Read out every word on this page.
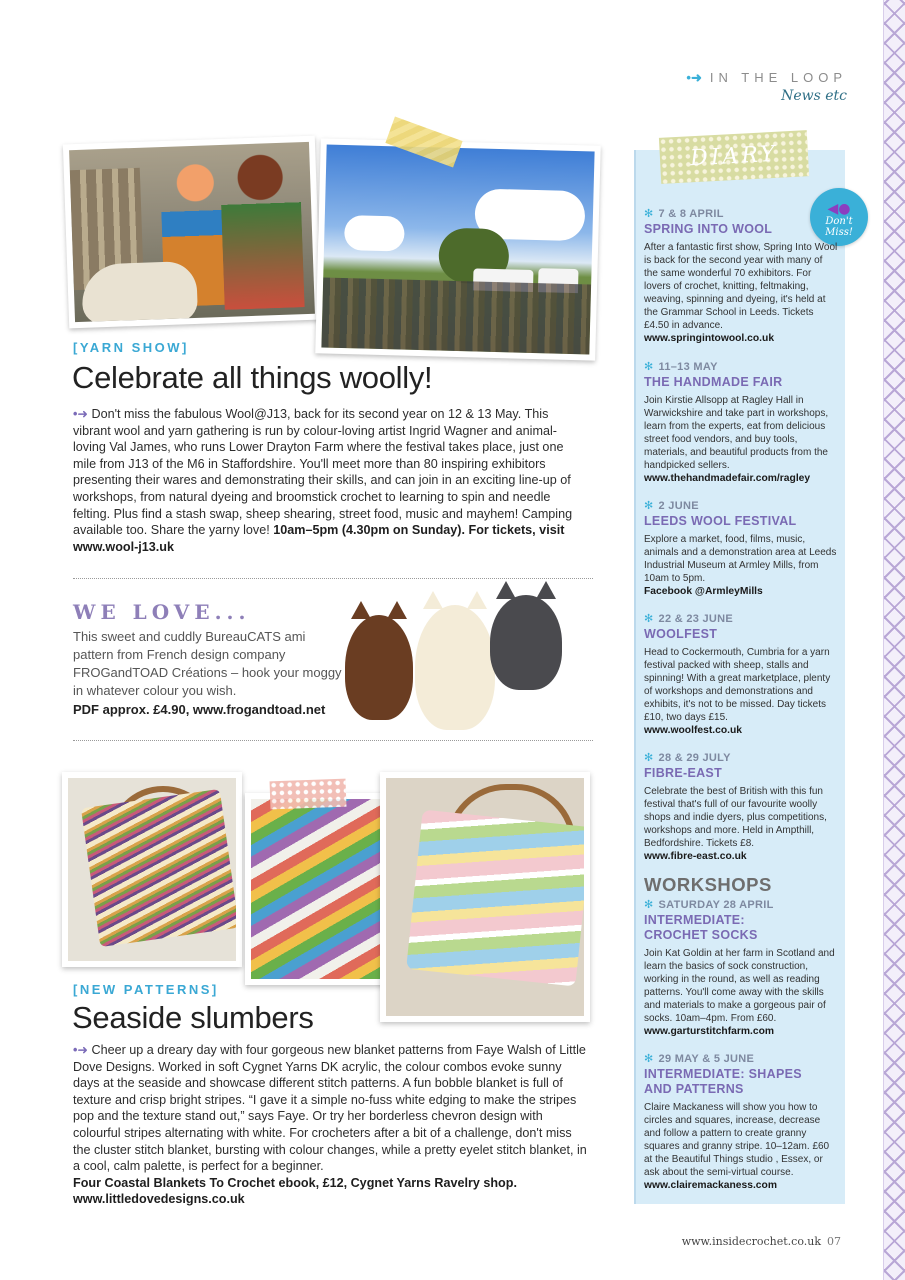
•➜ IN THE LOOP
News etc
[YARN SHOW]
Celebrate all things woolly!
•➜ Don't miss the fabulous Wool@J13, back for its second year on 12 & 13 May. This vibrant wool and yarn gathering is run by colour-loving artist Ingrid Wagner and animal-loving Val James, who runs Lower Drayton Farm where the festival takes place, just one mile from J13 of the M6 in Staffordshire. You'll meet more than 80 inspiring exhibitors presenting their wares and demonstrating their skills, and can join in an exciting line-up of workshops, from natural dyeing and broomstick crochet to learning to spin and needle felting. Plus find a stash swap, sheep shearing, street food, music and mayhem! Camping available too. Share the yarny love! 10am–5pm (4.30pm on Sunday). For tickets, visit www.wool-j13.uk
WE LOVE...
This sweet and cuddly BureauCATS ami pattern from French design company FROGandTOAD Créations – hook your moggy in whatever colour you wish.
PDF approx. £4.90, www.frogandtoad.net
[NEW PATTERNS]
Seaside slumbers
•➜ Cheer up a dreary day with four gorgeous new blanket patterns from Faye Walsh of Little Dove Designs. Worked in soft Cygnet Yarns DK acrylic, the colour combos evoke sunny days at the seaside and showcase different stitch patterns. A fun bobble blanket is full of texture and crisp bright stripes. “I gave it a simple no-fuss white edging to make the stripes pop and the texture stand out,” says Faye. Or try her borderless chevron design with colourful stripes alternating with white. For crocheters after a bit of a challenge, don't miss the cluster stitch blanket, bursting with colour changes, while a pretty eyelet stitch blanket, in a cool, calm palette, is perfect for a beginner.
Four Coastal Blankets To Crochet ebook, £12, Cygnet Yarns Ravelry shop.
www.littledovedesigns.co.uk
DIARY
◀●
Don't Miss!
✻ 7 & 8 APRIL
SPRING INTO WOOL
After a fantastic first show, Spring Into Wool is back for the second year with many of the same wonderful 70 exhibitors. For lovers of crochet, knitting, feltmaking, weaving, spinning and dyeing, it's held at the Grammar School in Leeds. Tickets £4.50 in advance.
www.springintowool.co.uk
✻ 11–13 MAY
THE HANDMADE FAIR
Join Kirstie Allsopp at Ragley Hall in Warwickshire and take part in workshops, learn from the experts, eat from delicious street food vendors, and buy tools, materials, and beautiful products from the handpicked sellers.
www.thehandmadefair.com/ragley
✻ 2 JUNE
LEEDS WOOL FESTIVAL
Explore a market, food, films, music, animals and a demonstration area at Leeds Industrial Museum at Armley Mills, from 10am to 5pm.
Facebook @ArmleyMills
✻ 22 & 23 JUNE
WOOLFEST
Head to Cockermouth, Cumbria for a yarn festival packed with sheep, stalls and spinning! With a great marketplace, plenty of workshops and demonstrations and exhibits, it's not to be missed. Day tickets £10, two days £15.
www.woolfest.co.uk
✻ 28 & 29 JULY
FIBRE-EAST
Celebrate the best of British with this fun festival that's full of our favourite woolly shops and indie dyers, plus competitions, workshops and more. Held in Ampthill, Bedfordshire. Tickets £8.
www.fibre-east.co.uk
WORKSHOPS
✻ SATURDAY 28 APRIL
INTERMEDIATE: CROCHET SOCKS
Join Kat Goldin at her farm in Scotland and learn the basics of sock construction, working in the round, as well as reading patterns. You'll come away with the skills and materials to make a gorgeous pair of socks. 10am–4pm. From £60.
www.garturstitchfarm.com
✻ 29 MAY & 5 JUNE
INTERMEDIATE: SHAPES AND PATTERNS
Claire Mackaness will show you how to circles and squares, increase, decrease and follow a pattern to create granny squares and granny stripe. 10–12am. £60 at the Beautiful Things studio , Essex, or ask about the semi-virtual course.
www.clairemackaness.com
www.insidecrochet.co.uk 07
